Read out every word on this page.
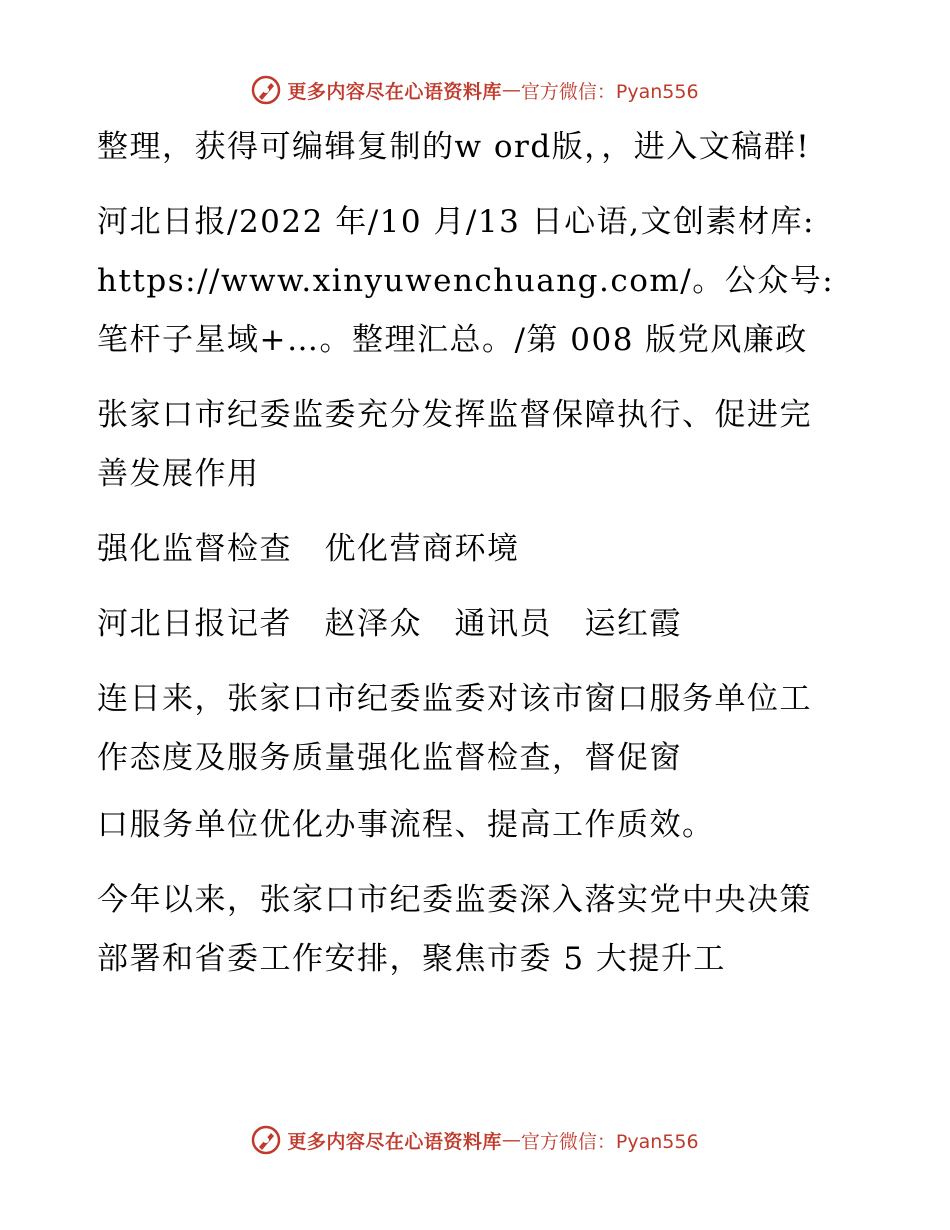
更多内容尽在心语资料库 — 官方微信：Pyan556

整理，获得可编辑复制的w ord版，，进入文稿群!

河北日报/2022 年/10 月/13 日心语,文创素材库: https://www.xinyuwenchuang.com/。公众号: 笔杆子星域+…。整理汇总。/第 008 版党风廉政

张家口市纪委监委充分发挥监督保障执行、促进完善发展作用

强化监督检查　优化营商环境

河北日报记者　赵泽众　通讯员　运红霞

连日来，张家口市纪委监委对该市窗口服务单位工作态度及服务质量强化监督检查，督促窗

口服务单位优化办事流程、提高工作质效。

今年以来，张家口市纪委监委深入落实党中央决策部署和省委工作安排，聚焦市委 5 大提升工

更多内容尽在心语资料库 — 官方微信：Pyan556
